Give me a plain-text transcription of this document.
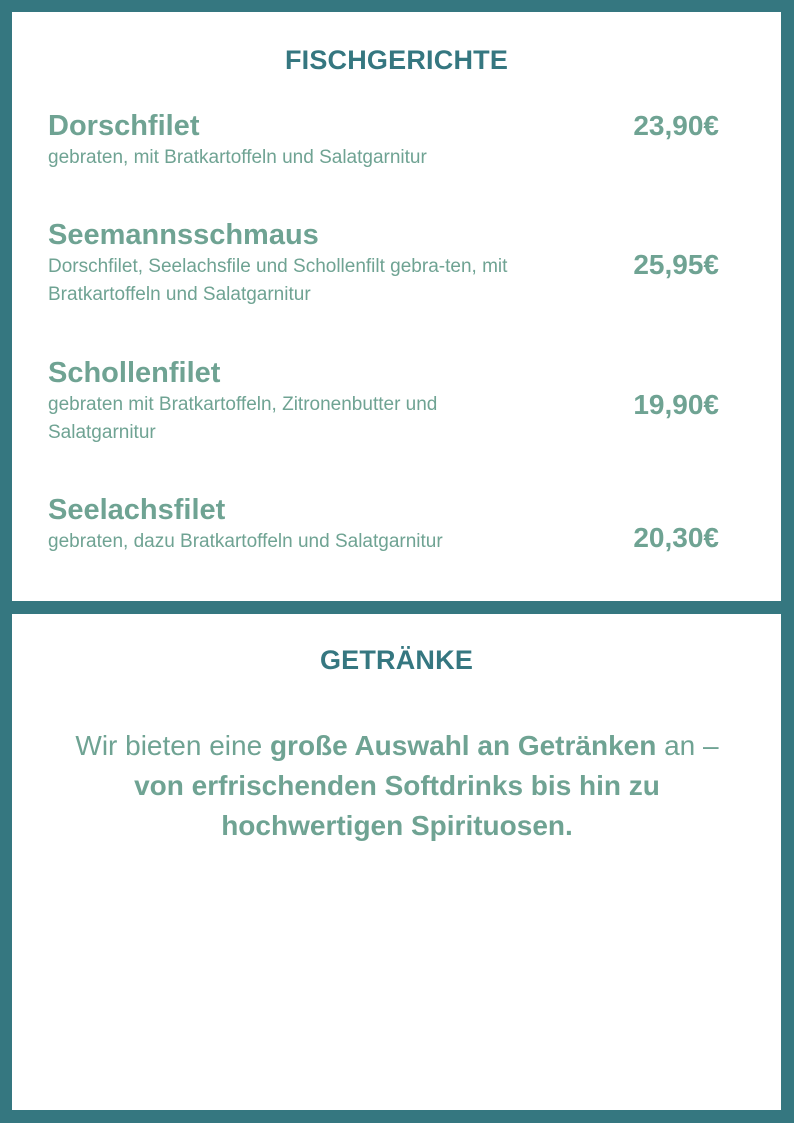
FISCHGERICHTE
Dorschfilet
gebraten, mit Bratkartoffeln und Salatgarnitur
23,90€
Seemannsschmaus
Dorschfilet, Seelachsfile und Schollenfilt gebra-ten, mit Bratkartoffeln und Salatgarnitur
25,95€
Schollenfilet
gebraten mit Bratkartoffeln, Zitronenbutter und Salatgarnitur
19,90€
Seelachsfilet
gebraten, dazu Bratkartoffeln und Salatgarnitur	20,30€
GETRÄNKE

Wir bieten eine große Auswahl an Getränken an – von erfrischenden Softdrinks bis hin zu hochwertigen Spirituosen.
